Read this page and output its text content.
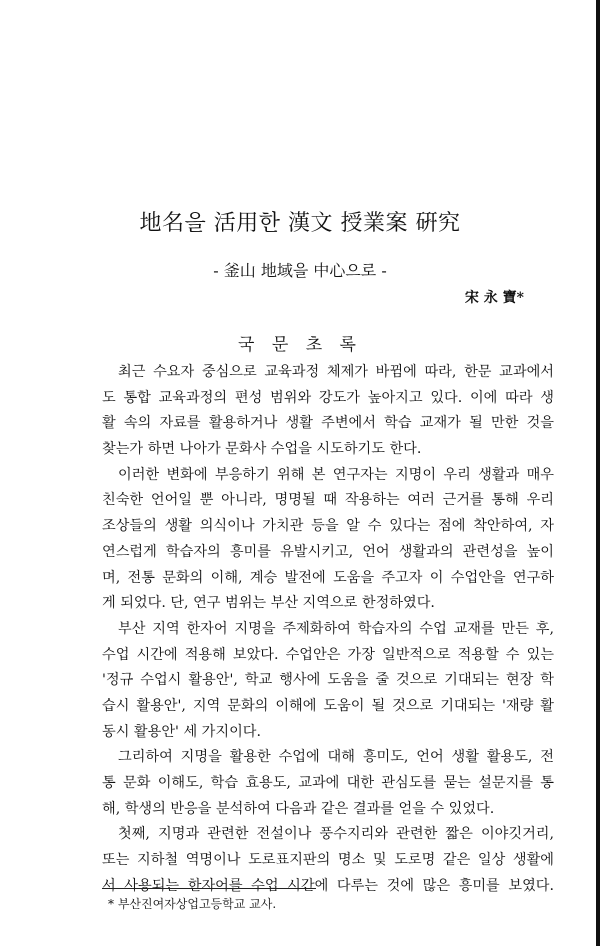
地名을 活用한 漢文 授業案 硏究
- 釜山 地域을 中心으로 -
宋 永 寶*
국 문 초 록
최근 수요자 중심으로 교육과정 체제가 바뀜에 따라, 한문 교과에서
도 통합 교육과정의 편성 범위와 강도가 높아지고 있다. 이에 따라 생
활 속의 자료를 활용하거나 생활 주변에서 학습 교재가 될 만한 것을
찾는가 하면 나아가 문화사 수업을 시도하기도 한다.
이러한 변화에 부응하기 위해 본 연구자는 지명이 우리 생활과 매우
친숙한 언어일 뿐 아니라, 명명될 때 작용하는 여러 근거를 통해 우리
조상들의 생활 의식이나 가치관 등을 알 수 있다는 점에 착안하여, 자
연스럽게 학습자의 흥미를 유발시키고, 언어 생활과의 관련성을 높이
며, 전통 문화의 이해, 계승 발전에 도움을 주고자 이 수업안을 연구하
게 되었다. 단, 연구 범위는 부산 지역으로 한정하였다.
부산 지역 한자어 지명을 주제화하여 학습자의 수업 교재를 만든 후,
수업 시간에 적용해 보았다. 수업안은 가장 일반적으로 적용할 수 있는
'정규 수업시 활용안', 학교 행사에 도움을 줄 것으로 기대되는 현장 학
습시 활용안', 지역 문화의 이해에 도움이 될 것으로 기대되는 '재량 활
동시 활용안' 세 가지이다.
그리하여 지명을 활용한 수업에 대해 흥미도, 언어 생활 활용도, 전
통 문화 이해도, 학습 효용도, 교과에 대한 관심도를 묻는 설문지를 통
해, 학생의 반응을 분석하여 다음과 같은 결과를 얻을 수 있었다.
첫째, 지명과 관련한 전설이나 풍수지리와 관련한 짧은 이야깃거리,
또는 지하철 역명이나 도로표지판의 명소 및 도로명 같은 일상 생활에
서 사용되는 한자어를 수업 시간에 다루는 것에 많은 흥미를 보였다.
* 부산진여자상업고등학교 교사.
